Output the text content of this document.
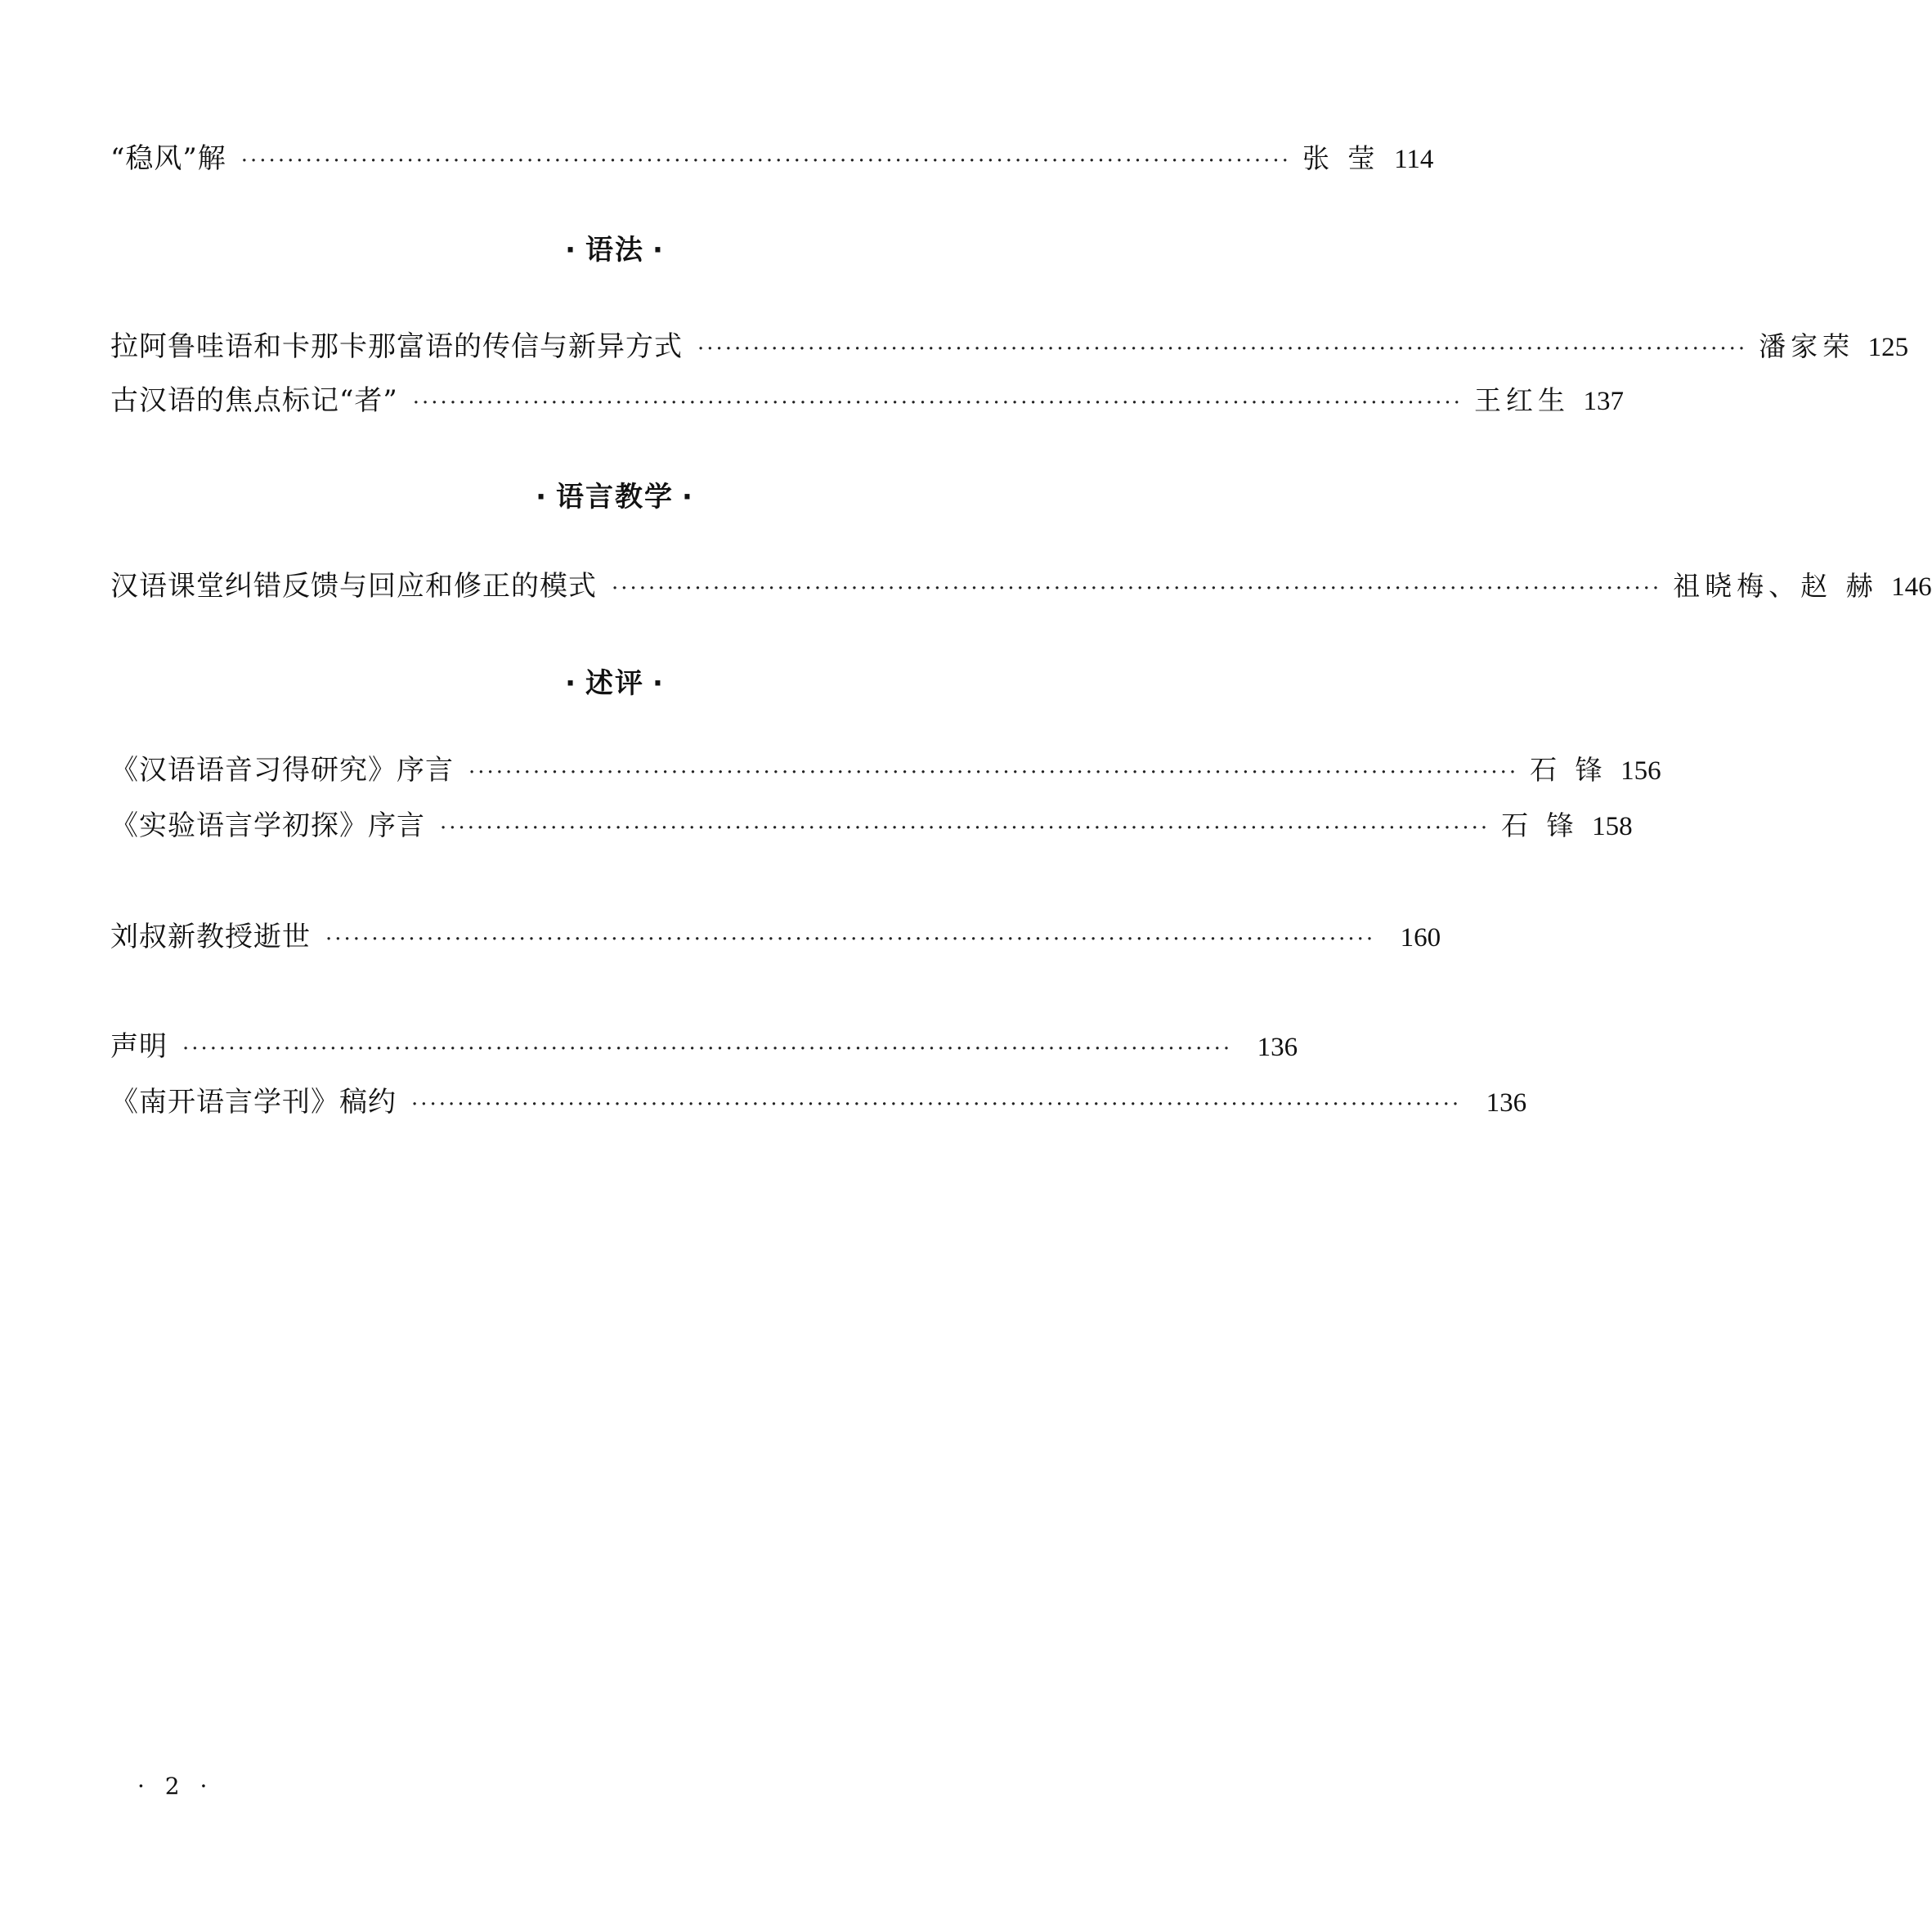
“稳风”解 ·················································································································· 张 莹 114
· 语法 ·
拉阿鲁哇语和卡那卡那富语的传信与新异方式 ·················································································································· 潘家荣 125
古汉语的焦点标记“者” ·················································································································· 王红生 137
· 语言教学 ·
汉语课堂纠错反馈与回应和修正的模式 ·················································································································· 祖晓梅、赵 赫 146
· 述评 ·
《汉语语音习得研究》序言 ·················································································································· 石 锋 156
《实验语言学初探》序言 ·················································································································· 石 锋 158
刘叔新教授逝世 ·················································································································· 160
声明 ·················································································································· 136
《南开语言学刊》稿约 ·················································································································· 136
· 2 ·
